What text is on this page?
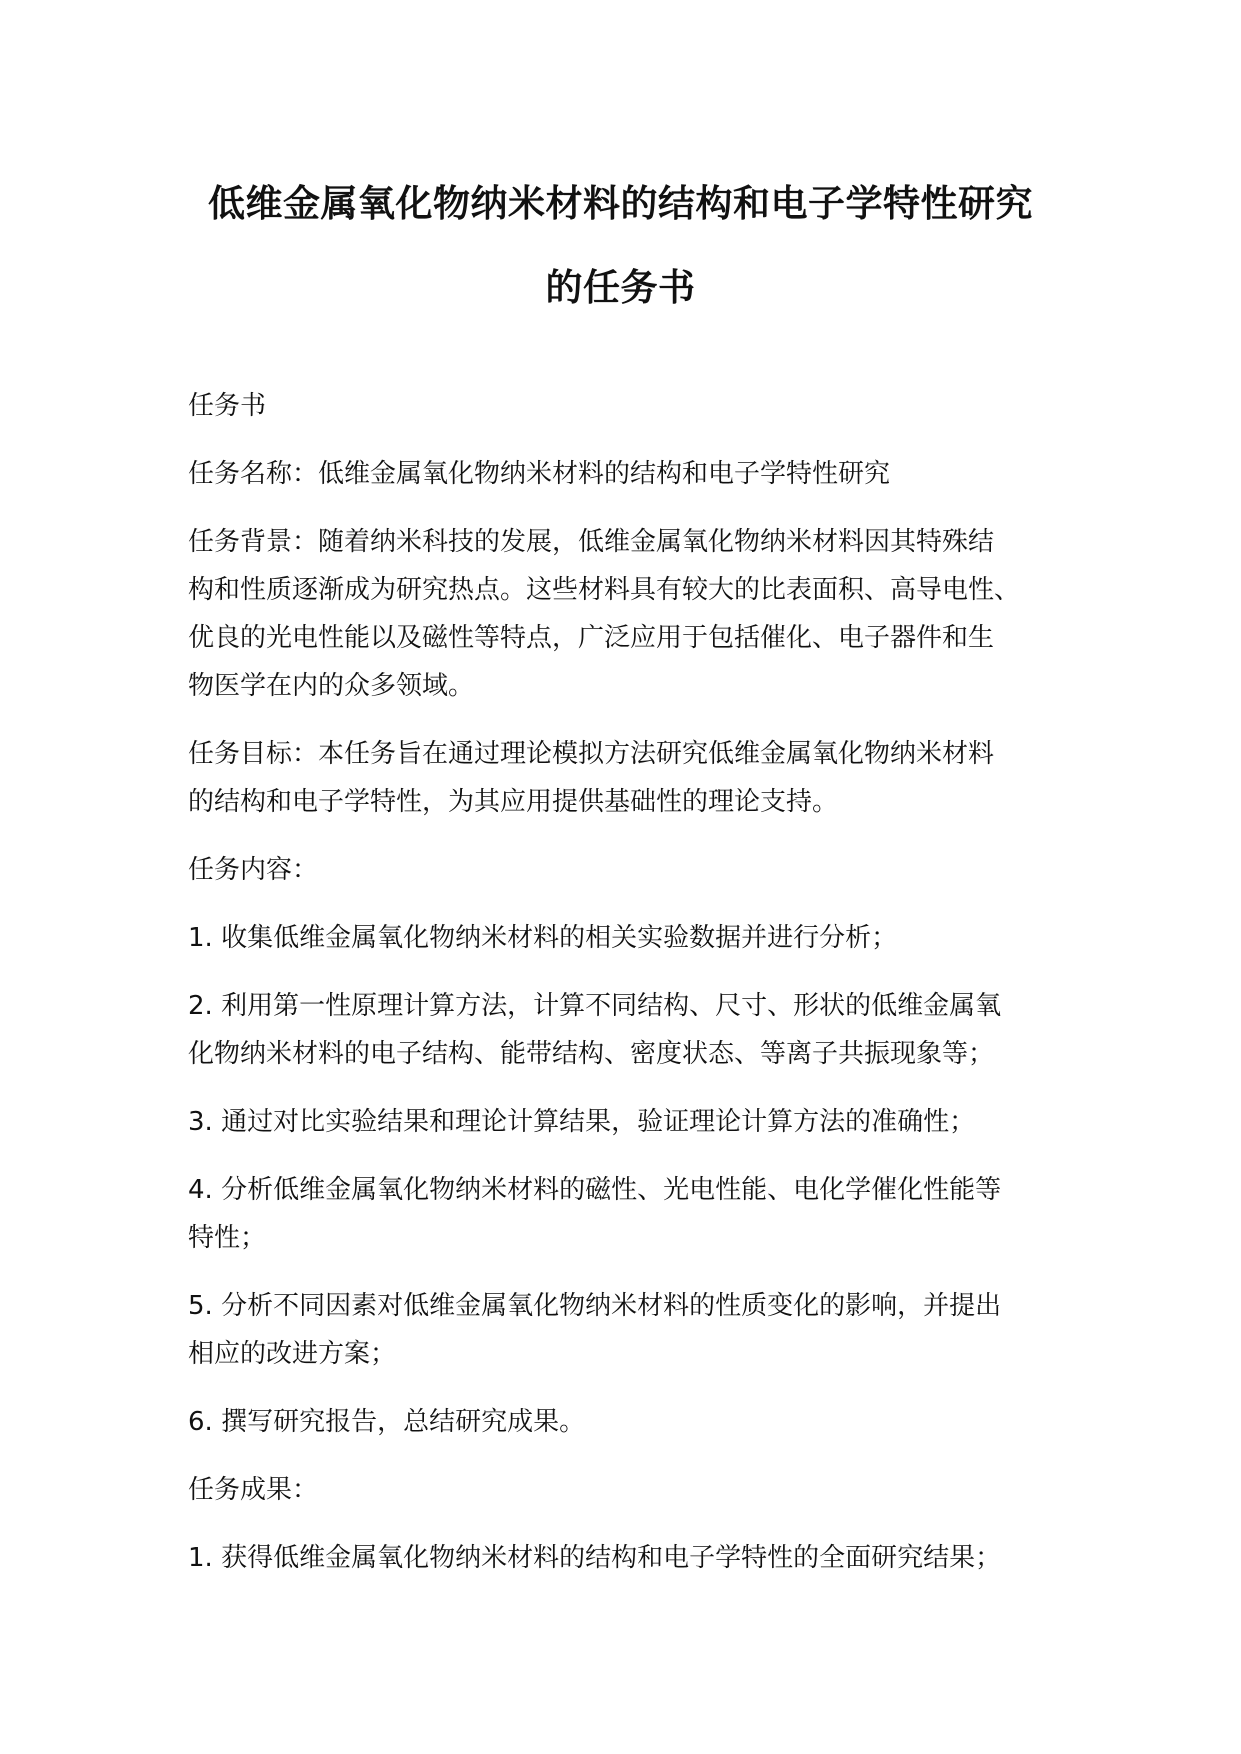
低维金属氧化物纳米材料的结构和电子学特性研究
的任务书

任务书

任务名称：低维金属氧化物纳米材料的结构和电子学特性研究

任务背景：随着纳米科技的发展，低维金属氧化物纳米材料因其特殊结
构和性质逐渐成为研究热点。这些材料具有较大的比表面积、高导电性、
优良的光电性能以及磁性等特点，广泛应用于包括催化、电子器件和生
物医学在内的众多领域。

任务目标：本任务旨在通过理论模拟方法研究低维金属氧化物纳米材料
的结构和电子学特性，为其应用提供基础性的理论支持。

任务内容：

1. 收集低维金属氧化物纳米材料的相关实验数据并进行分析；

2. 利用第一性原理计算方法，计算不同结构、尺寸、形状的低维金属氧
化物纳米材料的电子结构、能带结构、密度状态、等离子共振现象等；

3. 通过对比实验结果和理论计算结果，验证理论计算方法的准确性；

4. 分析低维金属氧化物纳米材料的磁性、光电性能、电化学催化性能等
特性；

5. 分析不同因素对低维金属氧化物纳米材料的性质变化的影响，并提出
相应的改进方案；

6. 撰写研究报告，总结研究成果。

任务成果：

1. 获得低维金属氧化物纳米材料的结构和电子学特性的全面研究结果；
